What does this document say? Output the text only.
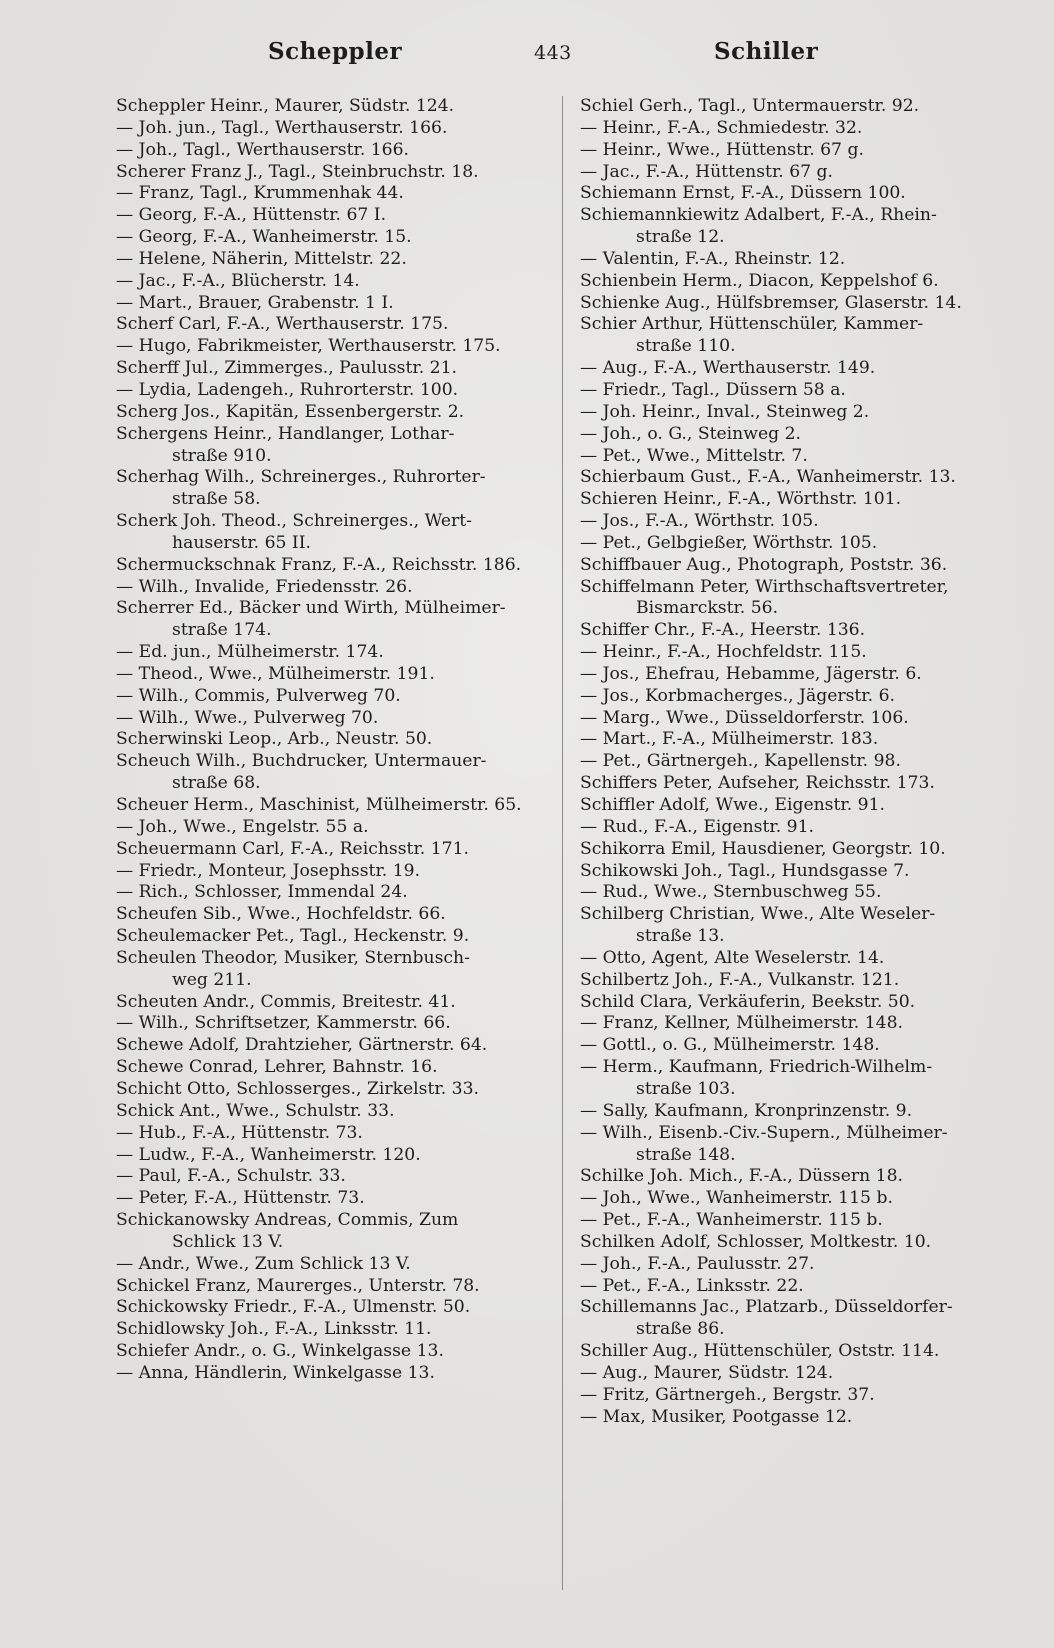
Scheppler	443	Schiller
Scheppler Heinr., Maurer, Südstr. 124.
— Joh. jun., Tagl., Werthauserstr. 166.
— Joh., Tagl., Werthauserstr. 166.
Scherer Franz J., Tagl., Steinbruchstr. 18.
— Franz, Tagl., Krummenhak 44.
— Georg, F.-A., Hüttenstr. 67 I.
— Georg, F.-A., Wanheimerstr. 15.
— Helene, Näherin, Mittelstr. 22.
— Jac., F.-A., Blücherstr. 14.
— Mart., Brauer, Grabenstr. 1 I.
Scherf Carl, F.-A., Werthauserstr. 175.
— Hugo, Fabrikmeister, Werthauserstr. 175.
Scherff Jul., Zimmerges., Paulusstr. 21.
— Lydia, Ladengeh., Ruhrorterstr. 100.
Scherg Jos., Kapitän, Essenbergerstr. 2.
Schergens Heinr., Handlanger, Lothar-
straße 910.
Scherhag Wilh., Schreinerges., Ruhrorter-
straße 58.
Scherk Joh. Theod., Schreinerges., Wert-
hauserstr. 65 II.
Schermuckschnak Franz, F.-A., Reichsstr. 186.
— Wilh., Invalide, Friedensstr. 26.
Scherrer Ed., Bäcker und Wirth, Mülheimer-
straße 174.
— Ed. jun., Mülheimerstr. 174.
— Theod., Wwe., Mülheimerstr. 191.
— Wilh., Commis, Pulverweg 70.
— Wilh., Wwe., Pulverweg 70.
Scherwinski Leop., Arb., Neustr. 50.
Scheuch Wilh., Buchdrucker, Untermauer-
straße 68.
Scheuer Herm., Maschinist, Mülheimerstr. 65.
— Joh., Wwe., Engelstr. 55 a.
Scheuermann Carl, F.-A., Reichsstr. 171.
— Friedr., Monteur, Josephsstr. 19.
— Rich., Schlosser, Immendal 24.
Scheufen Sib., Wwe., Hochfeldstr. 66.
Scheulemacker Pet., Tagl., Heckenstr. 9.
Scheulen Theodor, Musiker, Sternbusch-
weg 211.
Scheuten Andr., Commis, Breitestr. 41.
— Wilh., Schriftsetzer, Kammerstr. 66.
Schewe Adolf, Drahtzieher, Gärtnerstr. 64.
Schewe Conrad, Lehrer, Bahnstr. 16.
Schicht Otto, Schlosserges., Zirkelstr. 33.
Schick Ant., Wwe., Schulstr. 33.
— Hub., F.-A., Hüttenstr. 73.
— Ludw., F.-A., Wanheimerstr. 120.
— Paul, F.-A., Schulstr. 33.
— Peter, F.-A., Hüttenstr. 73.
Schickanowsky Andreas, Commis, Zum
Schlick 13 V.
— Andr., Wwe., Zum Schlick 13 V.
Schickel Franz, Maurerges., Unterstr. 78.
Schickowsky Friedr., F.-A., Ulmenstr. 50.
Schidlowsky Joh., F.-A., Linksstr. 11.
Schiefer Andr., o. G., Winkelgasse 13.
— Anna, Händlerin, Winkelgasse 13.
Schiel Gerh., Tagl., Untermauerstr. 92.
— Heinr., F.-A., Schmiedestr. 32.
— Heinr., Wwe., Hüttenstr. 67 g.
— Jac., F.-A., Hüttenstr. 67 g.
Schiemann Ernst, F.-A., Düssern 100.
Schiemannkiewitz Adalbert, F.-A., Rhein-
straße 12.
— Valentin, F.-A., Rheinstr. 12.
Schienbein Herm., Diacon, Keppelshof 6.
Schienke Aug., Hülfsbremser, Glaserstr. 14.
Schier Arthur, Hüttenschüler, Kammer-
straße 110.
— Aug., F.-A., Werthauserstr. 149.
— Friedr., Tagl., Düssern 58 a.
— Joh. Heinr., Inval., Steinweg 2.
— Joh., o. G., Steinweg 2.
— Pet., Wwe., Mittelstr. 7.
Schierbaum Gust., F.-A., Wanheimerstr. 13.
Schieren Heinr., F.-A., Wörthstr. 101.
— Jos., F.-A., Wörthstr. 105.
— Pet., Gelbgießer, Wörthstr. 105.
Schiffbauer Aug., Photograph, Poststr. 36.
Schiffelmann Peter, Wirthschaftsvertreter,
Bismarckstr. 56.
Schiffer Chr., F.-A., Heerstr. 136.
— Heinr., F.-A., Hochfeldstr. 115.
— Jos., Ehefrau, Hebamme, Jägerstr. 6.
— Jos., Korbmacherges., Jägerstr. 6.
— Marg., Wwe., Düsseldorferstr. 106.
— Mart., F.-A., Mülheimerstr. 183.
— Pet., Gärtnergeh., Kapellenstr. 98.
Schiffers Peter, Aufseher, Reichsstr. 173.
Schiffler Adolf, Wwe., Eigenstr. 91.
— Rud., F.-A., Eigenstr. 91.
Schikorra Emil, Hausdiener, Georgstr. 10.
Schikowski Joh., Tagl., Hundsgasse 7.
— Rud., Wwe., Sternbuschweg 55.
Schilberg Christian, Wwe., Alte Weseler-
straße 13.
— Otto, Agent, Alte Weselerstr. 14.
Schilbertz Joh., F.-A., Vulkanstr. 121.
Schild Clara, Verkäuferin, Beekstr. 50.
— Franz, Kellner, Mülheimerstr. 148.
— Gottl., o. G., Mülheimerstr. 148.
— Herm., Kaufmann, Friedrich-Wilhelm-
straße 103.
— Sally, Kaufmann, Kronprinzenstr. 9.
— Wilh., Eisenb.-Civ.-Supern., Mülheimer-
straße 148.
Schilke Joh. Mich., F.-A., Düssern 18.
— Joh., Wwe., Wanheimerstr. 115 b.
— Pet., F.-A., Wanheimerstr. 115 b.
Schilken Adolf, Schlosser, Moltkestr. 10.
— Joh., F.-A., Paulusstr. 27.
— Pet., F.-A., Linksstr. 22.
Schillemanns Jac., Platzarb., Düsseldorfer-
straße 86.
Schiller Aug., Hüttenschüler, Oststr. 114.
— Aug., Maurer, Südstr. 124.
— Fritz, Gärtnergeh., Bergstr. 37.
— Max, Musiker, Pootgasse 12.
